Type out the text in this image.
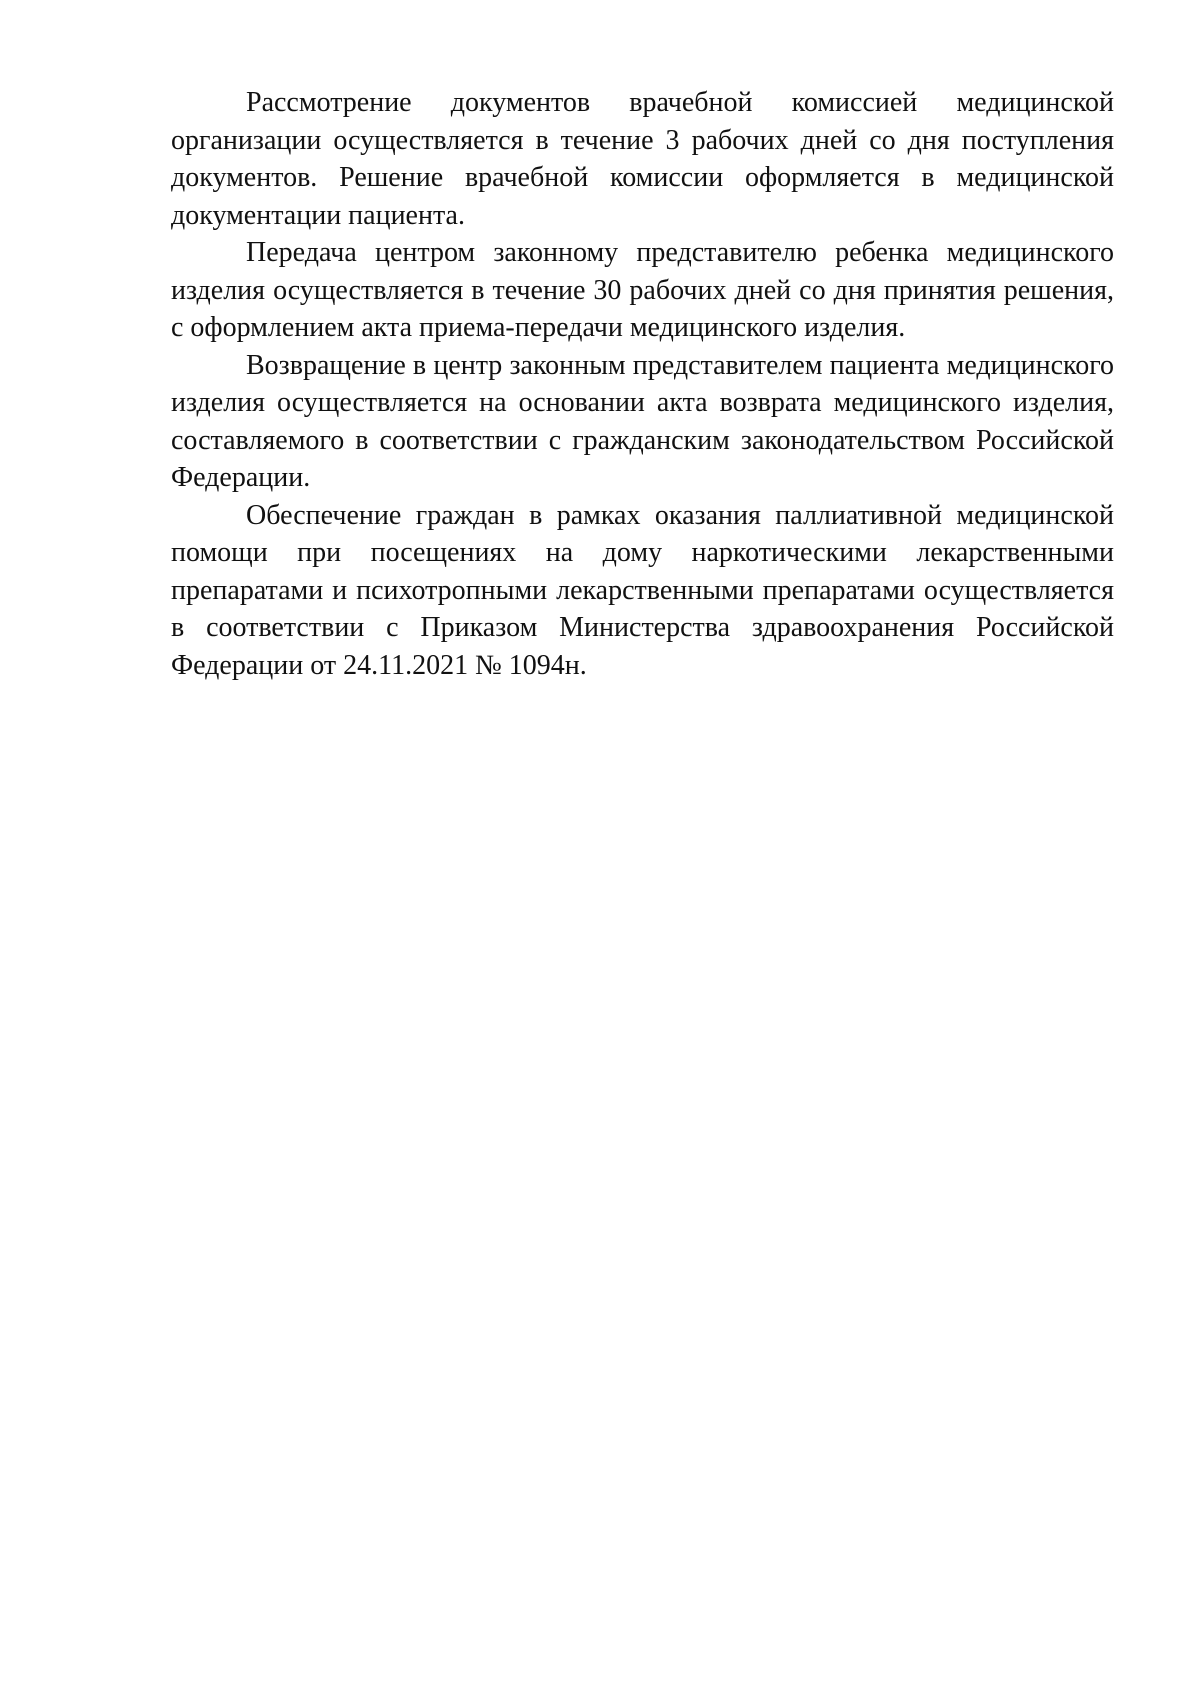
Рассмотрение документов врачебной комиссией медицинской организации осуществляется в течение 3 рабочих дней со дня поступления документов. Решение врачебной комиссии оформляется в медицинской документации пациента.

Передача центром законному представителю ребенка медицинского изделия осуществляется в течение 30 рабочих дней со дня принятия решения, с оформлением акта приема-передачи медицинского изделия.

Возвращение в центр законным представителем пациента медицинского изделия осуществляется на основании акта возврата медицинского изделия, составляемого в соответствии с гражданским законодательством Российской Федерации.

Обеспечение граждан в рамках оказания паллиативной медицинской помощи при посещениях на дому наркотическими лекарственными препаратами и психотропными лекарственными препаратами осуществляется в соответствии с Приказом Министерства здравоохранения Российской Федерации от 24.11.2021 № 1094н.
